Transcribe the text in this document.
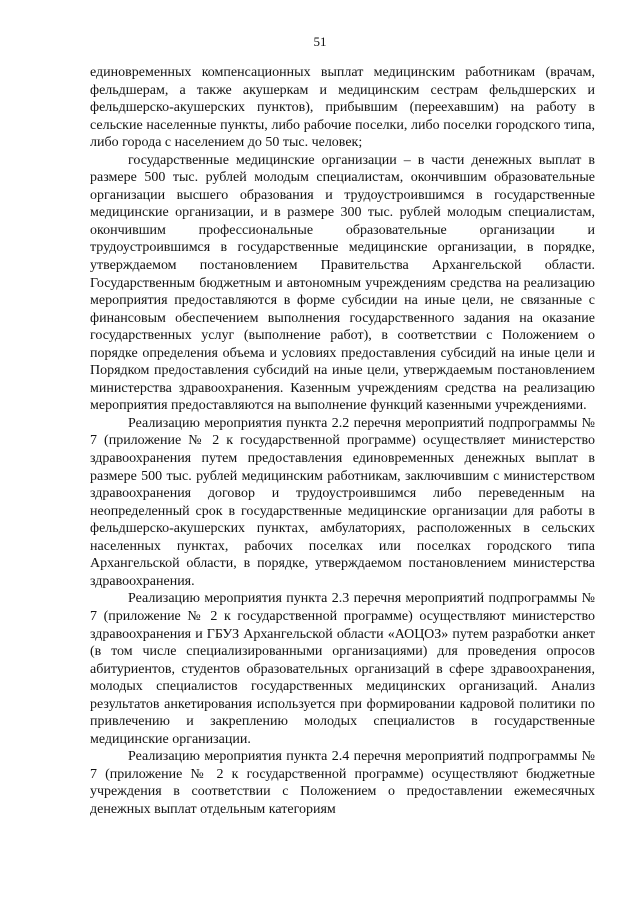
51

единовременных компенсационных выплат медицинским работникам (врачам, фельдшерам, а также акушеркам и медицинским сестрам фельдшерских и фельдшерско-акушерских пунктов), прибывшим (переехавшим) на работу в сельские населенные пункты, либо рабочие поселки, либо поселки городского типа, либо города с населением до 50 тыс. человек;

государственные медицинские организации – в части денежных выплат в размере 500 тыс. рублей молодым специалистам, окончившим образовательные организации высшего образования и трудоустроившимся в государственные медицинские организации, и в размере 300 тыс. рублей молодым специалистам, окончившим профессиональные образовательные организации и трудоустроившимся в государственные медицинские организации, в порядке, утверждаемом постановлением Правительства Архангельской области. Государственным бюджетным и автономным учреждениям средства на реализацию мероприятия предоставляются в форме субсидии на иные цели, не связанные с финансовым обеспечением выполнения государственного задания на оказание государственных услуг (выполнение работ), в соответствии с Положением о порядке определения объема и условиях предоставления субсидий на иные цели и Порядком предоставления субсидий на иные цели, утверждаемым постановлением министерства здравоохранения. Казенным учреждениям средства на реализацию мероприятия предоставляются на выполнение функций казенными учреждениями.

Реализацию мероприятия пункта 2.2 перечня мероприятий подпрограммы № 7 (приложение № 2 к государственной программе) осуществляет министерство здравоохранения путем предоставления единовременных денежных выплат в размере 500 тыс. рублей медицинским работникам, заключившим с министерством здравоохранения договор и трудоустроившимся либо переведенным на неопределенный срок в государственные медицинские организации для работы в фельдшерско-акушерских пунктах, амбулаториях, расположенных в сельских населенных пунктах, рабочих поселках или поселках городского типа Архангельской области, в порядке, утверждаемом постановлением министерства здравоохранения.

Реализацию мероприятия пункта 2.3 перечня мероприятий подпрограммы № 7 (приложение № 2 к государственной программе) осуществляют министерство здравоохранения и ГБУЗ Архангельской области «АОЦОЗ» путем разработки анкет (в том числе специализированными организациями) для проведения опросов абитуриентов, студентов образовательных организаций в сфере здравоохранения, молодых специалистов государственных медицинских организаций. Анализ результатов анкетирования используется при формировании кадровой политики по привлечению и закреплению молодых специалистов в государственные медицинские организации.

Реализацию мероприятия пункта 2.4 перечня мероприятий подпрограммы № 7 (приложение № 2 к государственной программе) осуществляют бюджетные учреждения в соответствии с Положением о предоставлении ежемесячных денежных выплат отдельным категориям
